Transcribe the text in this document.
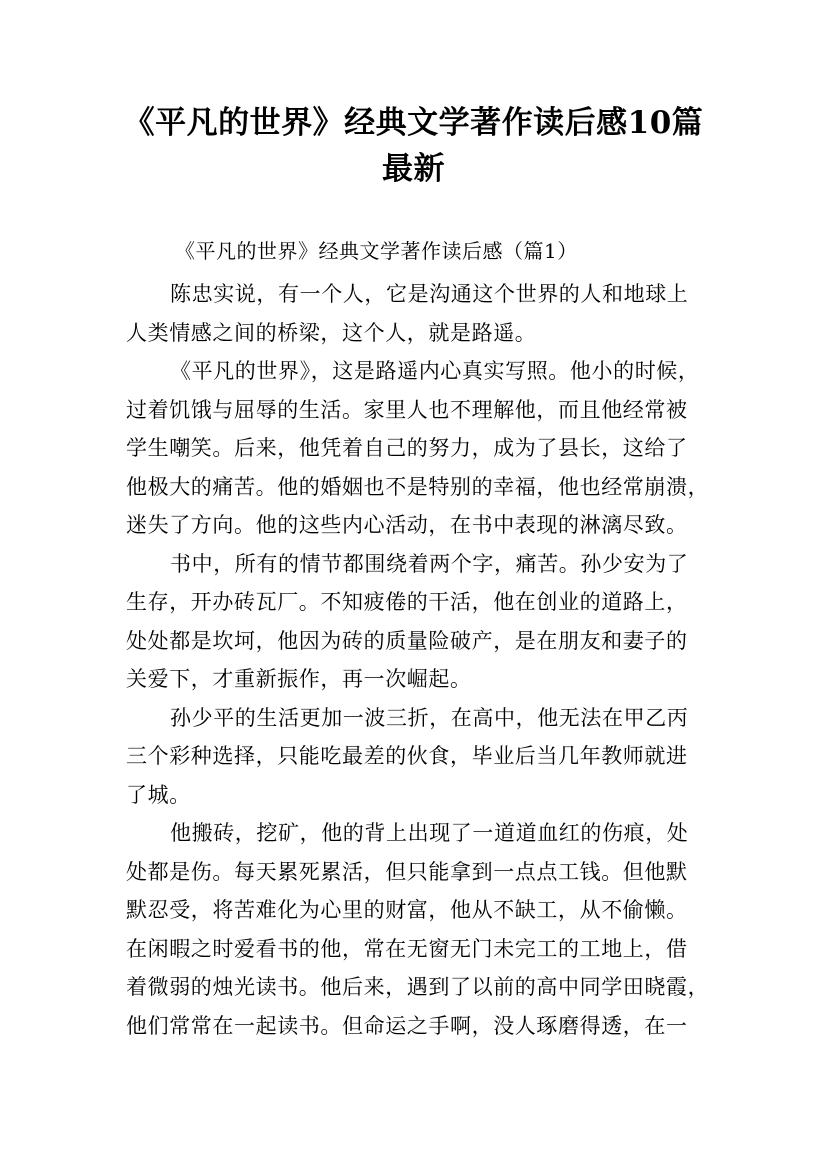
《平凡的世界》经典文学著作读后感10篇
最新
《平凡的世界》经典文学著作读后感（篇1）
陈忠实说，有一个人，它是沟通这个世界的人和地球上
人类情感之间的桥梁，这个人，就是路遥。
《平凡的世界》，这是路遥内心真实写照。他小的时候，
过着饥饿与屈辱的生活。家里人也不理解他，而且他经常被
学生嘲笑。后来，他凭着自己的努力，成为了县长，这给了
他极大的痛苦。他的婚姻也不是特别的幸福，他也经常崩溃，
迷失了方向。他的这些内心活动，在书中表现的淋漓尽致。
书中，所有的情节都围绕着两个字，痛苦。孙少安为了
生存，开办砖瓦厂。不知疲倦的干活，他在创业的道路上，
处处都是坎坷，他因为砖的质量险破产，是在朋友和妻子的
关爱下，才重新振作，再一次崛起。
孙少平的生活更加一波三折，在高中，他无法在甲乙丙
三个彩种选择，只能吃最差的伙食，毕业后当几年教师就进
了城。
他搬砖，挖矿，他的背上出现了一道道血红的伤痕，处
处都是伤。每天累死累活，但只能拿到一点点工钱。但他默
默忍受，将苦难化为心里的财富，他从不缺工，从不偷懒。
在闲暇之时爱看书的他，常在无窗无门未完工的工地上，借
着微弱的烛光读书。他后来，遇到了以前的高中同学田晓霞，
他们常常在一起读书。但命运之手啊，没人琢磨得透，在一
